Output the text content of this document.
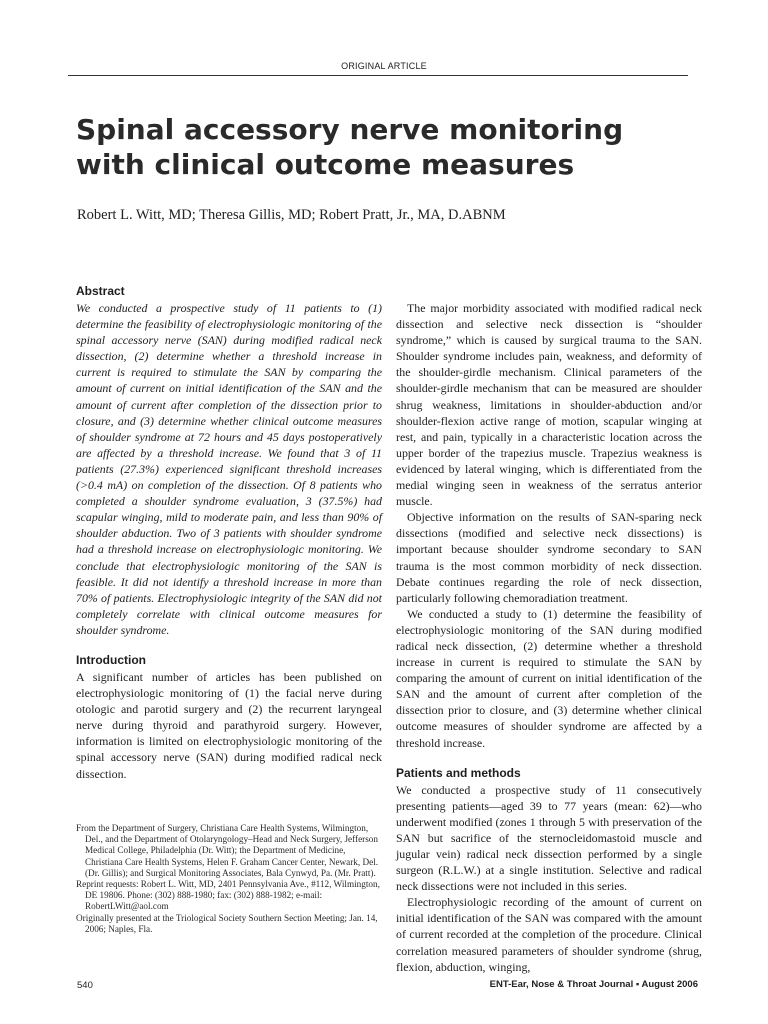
ORIGINAL ARTICLE
Spinal accessory nerve monitoring
with clinical outcome measures

Robert L. Witt, MD; Theresa Gillis, MD; Robert Pratt, Jr., MA, D.ABNM

Abstract

We conducted a prospective study of 11 patients to (1) determine the feasibility of electrophysiologic monitoring of the spinal accessory nerve (SAN) during modified radical neck dissection, (2) determine whether a threshold increase in current is required to stimulate the SAN by comparing the amount of current on initial identification of the SAN and the amount of current after completion of the dissection prior to closure, and (3) determine whether clinical outcome measures of shoulder syndrome at 72 hours and 45 days postoperatively are affected by a threshold increase. We found that 3 of 11 patients (27.3%) experienced significant threshold increases (>0.4 mA) on completion of the dissection. Of 8 patients who completed a shoulder syndrome evaluation, 3 (37.5%) had scapular winging, mild to moderate pain, and less than 90% of shoulder abduction. Two of 3 patients with shoulder syndrome had a threshold increase on electrophysiologic monitoring. We conclude that electrophysiologic monitoring of the SAN is feasible. It did not identify a threshold increase in more than 70% of patients. Electrophysiologic integrity of the SAN did not completely correlate with clinical outcome measures for shoulder syndrome.

Introduction

A significant number of articles has been published on electrophysiologic monitoring of (1) the facial nerve during otologic and parotid surgery and (2) the recurrent laryngeal nerve during thyroid and parathyroid surgery. However, information is limited on electrophysiologic monitoring of the spinal accessory nerve (SAN) during modified radical neck dissection.

From the Department of Surgery, Christiana Care Health Systems, Wilmington, Del., and the Department of Otolaryngology–Head and Neck Surgery, Jefferson Medical College, Philadelphia (Dr. Witt); the Department of Medicine, Christiana Care Health Systems, Helen F. Graham Cancer Center, Newark, Del. (Dr. Gillis); and Surgical Monitoring Associates, Bala Cynwyd, Pa. (Mr. Pratt).

Reprint requests: Robert L. Witt, MD, 2401 Pennsylvania Ave., #112, Wilmington, DE 19806. Phone: (302) 888-1980; fax: (302) 888-1982; e-mail: RobertLWitt@aol.com

Originally presented at the Triological Society Southern Section Meeting; Jan. 14, 2006; Naples, Fla.

The major morbidity associated with modified radical neck dissection and selective neck dissection is “shoulder syndrome,” which is caused by surgical trauma to the SAN. Shoulder syndrome includes pain, weakness, and deformity of the shoulder-girdle mechanism. Clinical parameters of the shoulder-girdle mechanism that can be measured are shoulder shrug weakness, limitations in shoulder-abduction and/or shoulder-flexion active range of motion, scapular winging at rest, and pain, typically in a characteristic location across the upper border of the trapezius muscle. Trapezius weakness is evidenced by lateral winging, which is differentiated from the medial winging seen in weakness of the serratus anterior muscle.

Objective information on the results of SAN-sparing neck dissections (modified and selective neck dissections) is important because shoulder syndrome secondary to SAN trauma is the most common morbidity of neck dissection. Debate continues regarding the role of neck dissection, particularly following chemoradiation treatment.

We conducted a study to (1) determine the feasibility of electrophysiologic monitoring of the SAN during modified radical neck dissection, (2) determine whether a threshold increase in current is required to stimulate the SAN by comparing the amount of current on initial identification of the SAN and the amount of current after completion of the dissection prior to closure, and (3) determine whether clinical outcome measures of shoulder syndrome are affected by a threshold increase.

Patients and methods

We conducted a prospective study of 11 consecutively presenting patients—aged 39 to 77 years (mean: 62)—who underwent modified (zones 1 through 5 with preservation of the SAN but sacrifice of the sternocleidomastoid muscle and jugular vein) radical neck dissection performed by a single surgeon (R.L.W.) at a single institution. Selective and radical neck dissections were not included in this series.

Electrophysiologic recording of the amount of current on initial identification of the SAN was compared with the amount of current recorded at the completion of the procedure. Clinical correlation measured parameters of shoulder syndrome (shrug, flexion, abduction, winging,

540	ENT-Ear, Nose & Throat Journal ▪ August 2006
